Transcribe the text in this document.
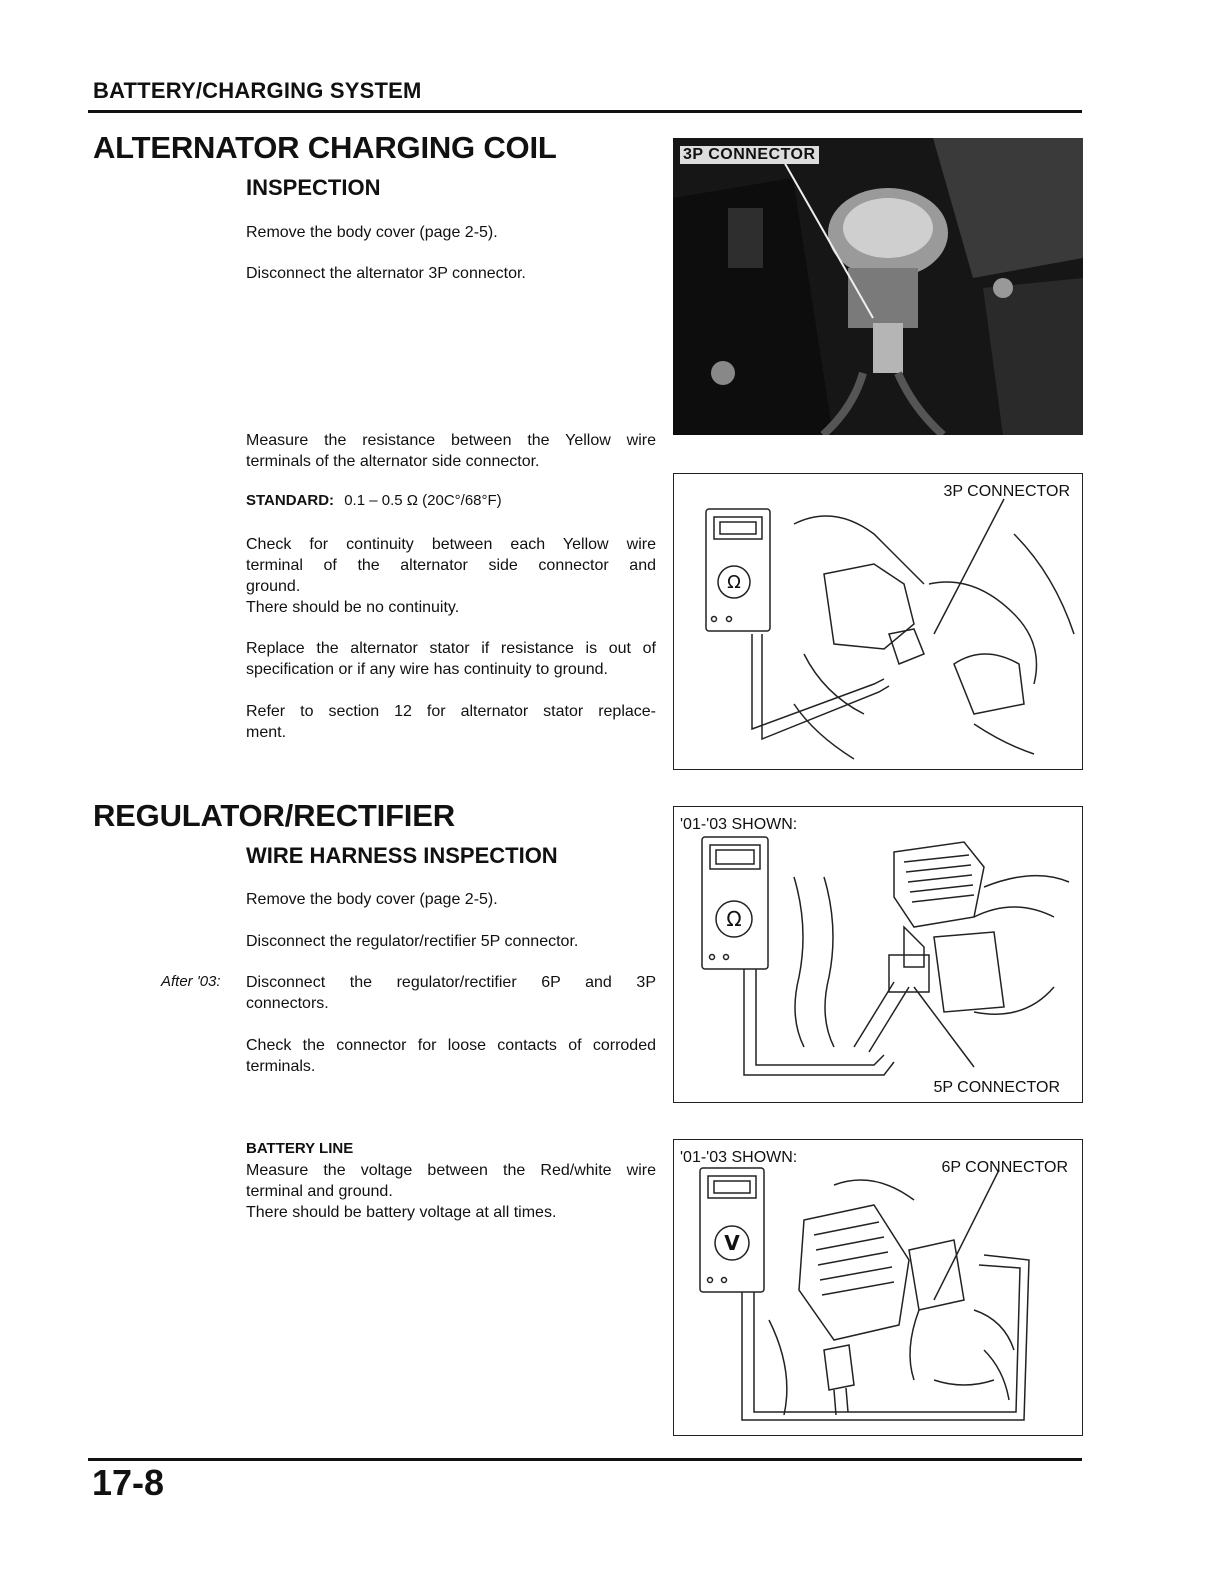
BATTERY/CHARGING SYSTEM
ALTERNATOR CHARGING COIL
INSPECTION
Remove the body cover (page 2-5).
Disconnect the alternator 3P connector.
Measure the resistance between the Yellow wire
terminals of the alternator side connector.
STANDARD: 0.1 – 0.5 Ω (20C°/68°F)
Check for continuity between each Yellow wire
terminal of the alternator side connector and
ground.
There should be no continuity.
Replace the alternator stator if resistance is out of
specification or if any wire has continuity to ground.
Refer to section 12 for alternator stator replace-
ment.
3P CONNECTOR
Ω
3P CONNECTOR
REGULATOR/RECTIFIER
WIRE HARNESS INSPECTION
Remove the body cover (page 2-5).
Disconnect the regulator/rectifier 5P connector.
After '03: Disconnect the regulator/rectifier 6P and 3P
connectors.
Check the connector for loose contacts of corroded
terminals.
BATTERY LINE
Measure the voltage between the Red/white wire
terminal and ground.
There should be battery voltage at all times.
Ω
'01-'03 SHOWN:
5P CONNECTOR
V
'01-'03 SHOWN:
6P CONNECTOR
17-8
